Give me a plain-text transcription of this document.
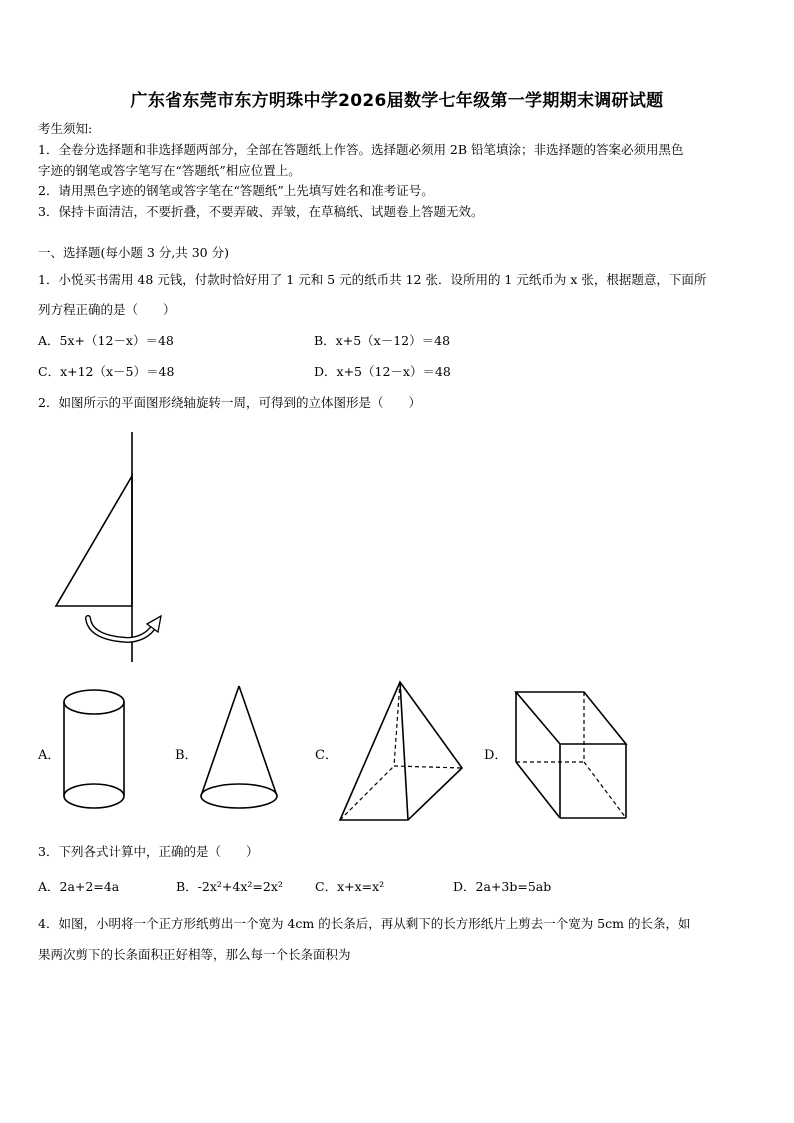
广东省东莞市东方明珠中学2026届数学七年级第一学期期末调研试题
考生须知:
1．全卷分选择题和非选择题两部分，全部在答题纸上作答。选择题必须用 2B 铅笔填涂；非选择题的答案必须用黑色
字迹的钢笔或答字笔写在“答题纸”相应位置上。
2．请用黑色字迹的钢笔或答字笔在“答题纸”上先填写姓名和准考证号。
3．保持卡面清洁，不要折叠，不要弄破、弄皱，在草稿纸、试题卷上答题无效。
一、选择题(每小题 3 分,共 30 分)
1．小悦买书需用 48 元钱，付款时恰好用了 1 元和 5 元的纸币共 12 张．设所用的 1 元纸币为 x 张，根据题意，下面所
列方程正确的是（　　）
A．5x+（12－x）＝48	B．x+5（x－12）＝48
C．x+12（x－5）＝48	D．x+5（12－x）＝48
2．如图所示的平面图形绕轴旋转一周，可得到的立体图形是（　　）
A．	B．	C．	D．
3．下列各式计算中，正确的是（　　）
A．2a+2=4a	B．-2x²+4x²=2x²	C．x+x=x²	D．2a+3b=5ab
4．如图，小明将一个正方形纸剪出一个宽为 4cm 的长条后，再从剩下的长方形纸片上剪去一个宽为 5cm 的长条，如
果两次剪下的长条面积正好相等，那么每一个长条面积为
